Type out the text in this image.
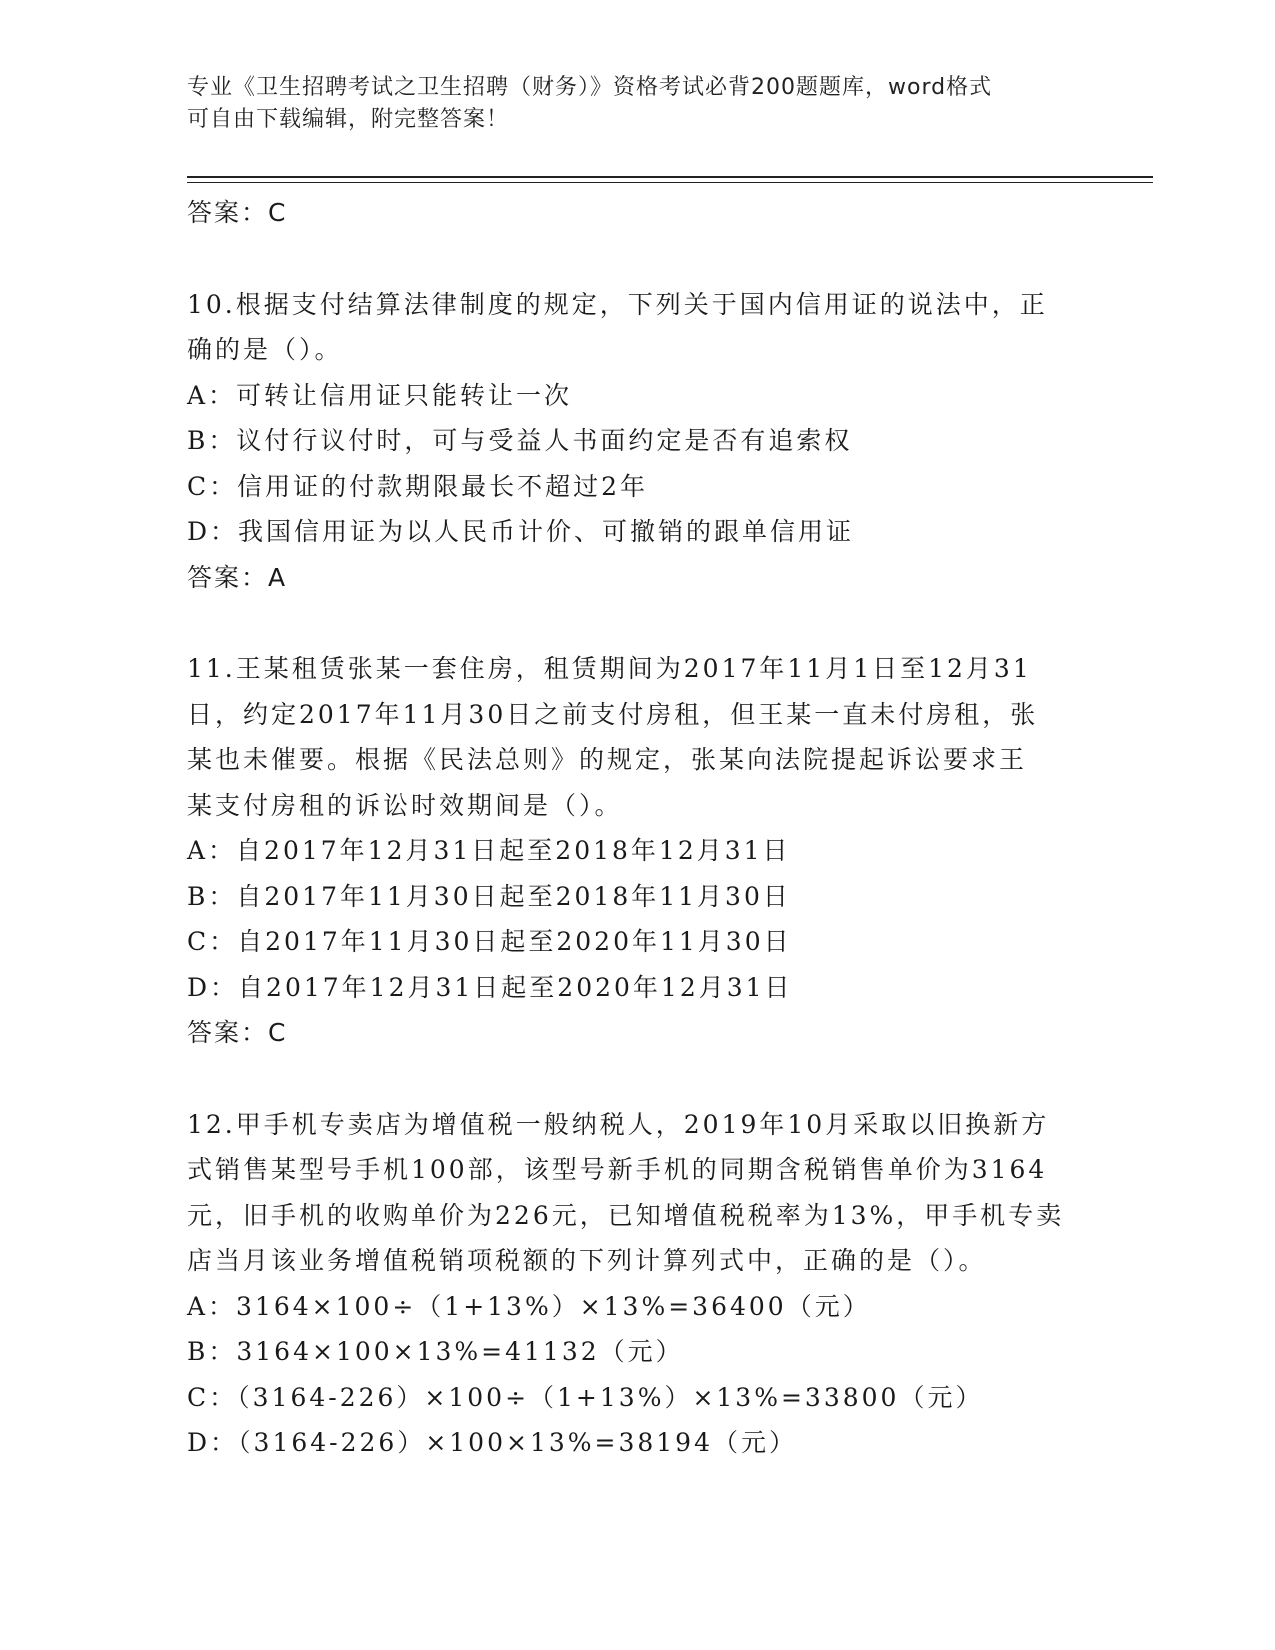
专业《卫生招聘考试之卫生招聘（财务）》资格考试必背200题题库，word格式
可自由下载编辑，附完整答案！
答案：C
10.根据支付结算法律制度的规定，下列关于国内信用证的说法中，正
确的是（）。
A：可转让信用证只能转让一次
B：议付行议付时，可与受益人书面约定是否有追索权
C：信用证的付款期限最长不超过2年
D：我国信用证为以人民币计价、可撤销的跟单信用证
答案：A
11.王某租赁张某一套住房，租赁期间为2017年11月1日至12月31
日，约定2017年11月30日之前支付房租，但王某一直未付房租，张
某也未催要。根据《民法总则》的规定，张某向法院提起诉讼要求王
某支付房租的诉讼时效期间是（）。
A：自2017年12月31日起至2018年12月31日
B：自2017年11月30日起至2018年11月30日
C：自2017年11月30日起至2020年11月30日
D：自2017年12月31日起至2020年12月31日
答案：C
12.甲手机专卖店为增值税一般纳税人，2019年10月采取以旧换新方
式销售某型号手机100部，该型号新手机的同期含税销售单价为3164
元，旧手机的收购单价为226元，已知增值税税率为13%，甲手机专卖
店当月该业务增值税销项税额的下列计算列式中，正确的是（）。
A：3164×100÷（1+13%）×13%=36400（元）
B：3164×100×13%=41132（元）
C：（3164-226）×100÷（1+13%）×13%=33800（元）
D：（3164-226）×100×13%=38194（元）
